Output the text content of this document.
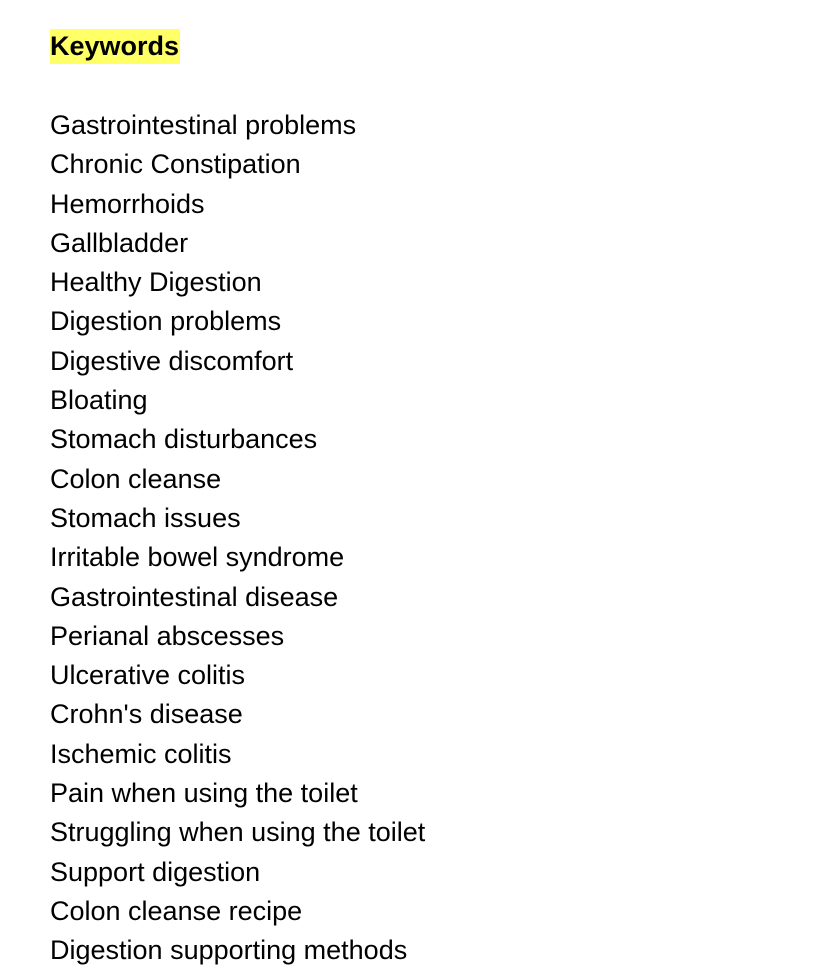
Keywords
Gastrointestinal problems
Chronic Constipation
Hemorrhoids
Gallbladder
Healthy Digestion
Digestion problems
Digestive discomfort
Bloating
Stomach disturbances
Colon cleanse
Stomach issues
Irritable bowel syndrome
Gastrointestinal disease
Perianal abscesses
Ulcerative colitis
Crohn's disease
Ischemic colitis
Pain when using the toilet
Struggling when using the toilet
Support digestion
Colon cleanse recipe
Digestion supporting methods
